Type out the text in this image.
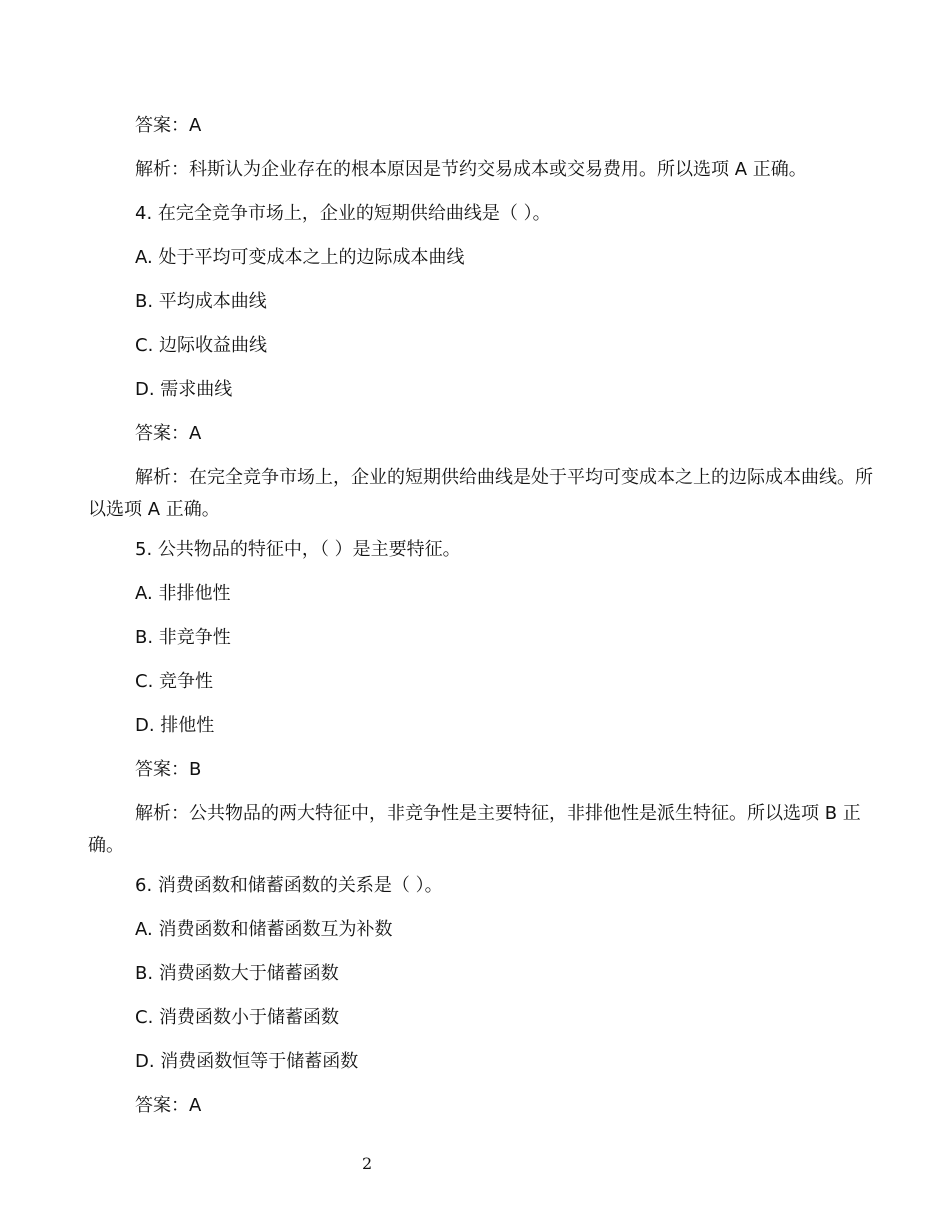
答案：A
解析：科斯认为企业存在的根本原因是节约交易成本或交易费用。所以选项 A 正确。
4. 在完全竞争市场上，企业的短期供给曲线是（ ）。
A. 处于平均可变成本之上的边际成本曲线
B. 平均成本曲线
C. 边际收益曲线
D. 需求曲线
答案：A
解析：在完全竞争市场上，企业的短期供给曲线是处于平均可变成本之上的边际成本曲线。所以选项 A 正确。
5. 公共物品的特征中，（ ）是主要特征。
A. 非排他性
B. 非竞争性
C. 竞争性
D. 排他性
答案：B
解析：公共物品的两大特征中，非竞争性是主要特征，非排他性是派生特征。所以选项 B 正确。
6. 消费函数和储蓄函数的关系是（ ）。
A. 消费函数和储蓄函数互为补数
B. 消费函数大于储蓄函数
C. 消费函数小于储蓄函数
D. 消费函数恒等于储蓄函数
答案：A
2
